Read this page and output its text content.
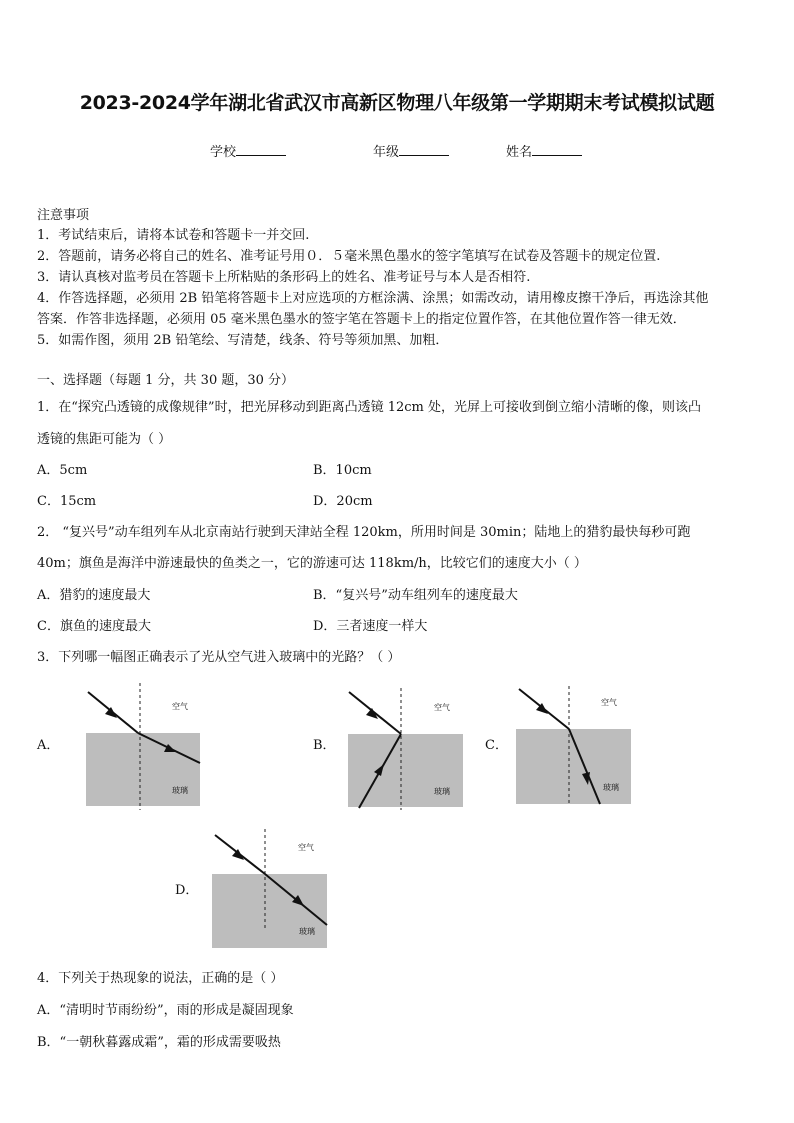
2023-2024学年湖北省武汉市高新区物理八年级第一学期期末考试模拟试题
学校	年级	姓名
注意事项
1．考试结束后，请将本试卷和答题卡一并交回.
2．答题前，请务必将自己的姓名、准考证号用０．５毫米黑色墨水的签字笔填写在试卷及答题卡的规定位置.
3．请认真核对监考员在答题卡上所粘贴的条形码上的姓名、准考证号与本人是否相符.
4．作答选择题，必须用 2B 铅笔将答题卡上对应选项的方框涂满、涂黑；如需改动，请用橡皮擦干净后，再选涂其他
答案．作答非选择题，必须用 05 毫米黑色墨水的签字笔在答题卡上的指定位置作答，在其他位置作答一律无效．
5．如需作图，须用 2B 铅笔绘、写清楚，线条、符号等须加黑、加粗．
一、选择题（每题 1 分，共 30 题，30 分）
1．在“探究凸透镜的成像规律”时，把光屏移动到距离凸透镜 12cm 处，光屏上可接收到倒立缩小清晰的像，则该凸
透镜的焦距可能为（ ）
A．5cm	B．10cm
C．15cm	D．20cm
2． “复兴号”动车组列车从北京南站行驶到天津站全程 120km，所用时间是 30min；陆地上的猎豹最快每秒可跑
40m；旗鱼是海洋中游速最快的鱼类之一，它的游速可达 118km/h，比较它们的速度大小（ ）
A．猎豹的速度最大	B．“复兴号”动车组列车的速度最大
C．旗鱼的速度最大	D．三者速度一样大
3．下列哪一幅图正确表示了光从空气进入玻璃中的光路？（ ）
A．
空气
玻璃
B．
空气
玻璃
C．
空气
玻璃
D．
空气
玻璃
4．下列关于热现象的说法，正确的是（ ）
A．“清明时节雨纷纷”，雨的形成是凝固现象
B．“一朝秋暮露成霜”，霜的形成需要吸热
